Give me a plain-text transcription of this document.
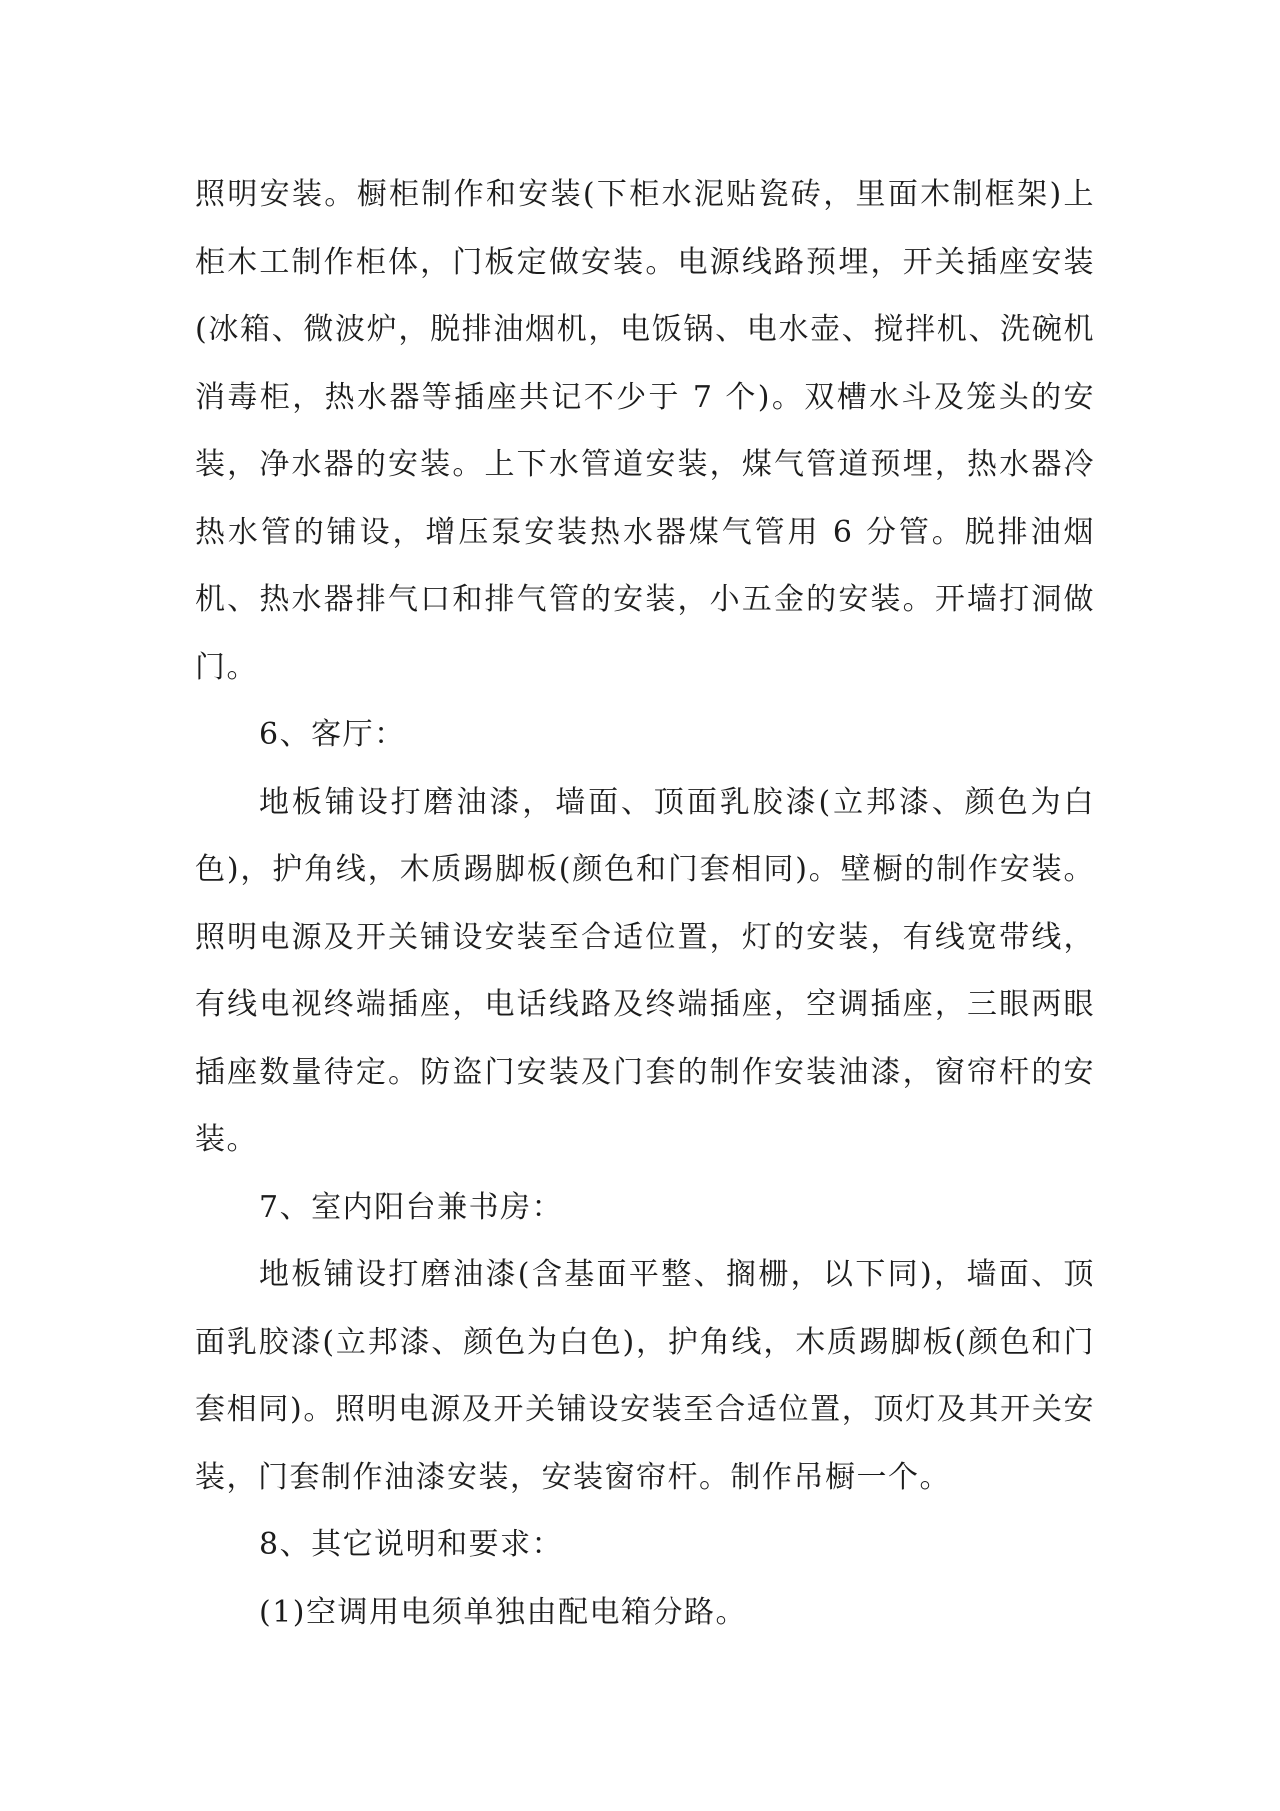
照明安装。橱柜制作和安装(下柜水泥贴瓷砖，里面木制框架)上柜木工制作柜体，门板定做安装。电源线路预埋，开关插座安装(冰箱、微波炉，脱排油烟机，电饭锅、电水壶、搅拌机、洗碗机消毒柜，热水器等插座共记不少于 7 个)。双槽水斗及笼头的安装，净水器的安装。上下水管道安装，煤气管道预埋，热水器冷热水管的铺设，增压泵安装热水器煤气管用 6 分管。脱排油烟机、热水器排气口和排气管的安装，小五金的安装。开墙打洞做门。

6、客厅：

地板铺设打磨油漆，墙面、顶面乳胶漆(立邦漆、颜色为白色)，护角线，木质踢脚板(颜色和门套相同)。壁橱的制作安装。照明电源及开关铺设安装至合适位置，灯的安装，有线宽带线，有线电视终端插座，电话线路及终端插座，空调插座，三眼两眼插座数量待定。防盗门安装及门套的制作安装油漆，窗帘杆的安装。

7、室内阳台兼书房：

地板铺设打磨油漆(含基面平整、搁栅，以下同)，墙面、顶面乳胶漆(立邦漆、颜色为白色)，护角线，木质踢脚板(颜色和门套相同)。照明电源及开关铺设安装至合适位置，顶灯及其开关安装，门套制作油漆安装，安装窗帘杆。制作吊橱一个。

8、其它说明和要求：

(1)空调用电须单独由配电箱分路。
